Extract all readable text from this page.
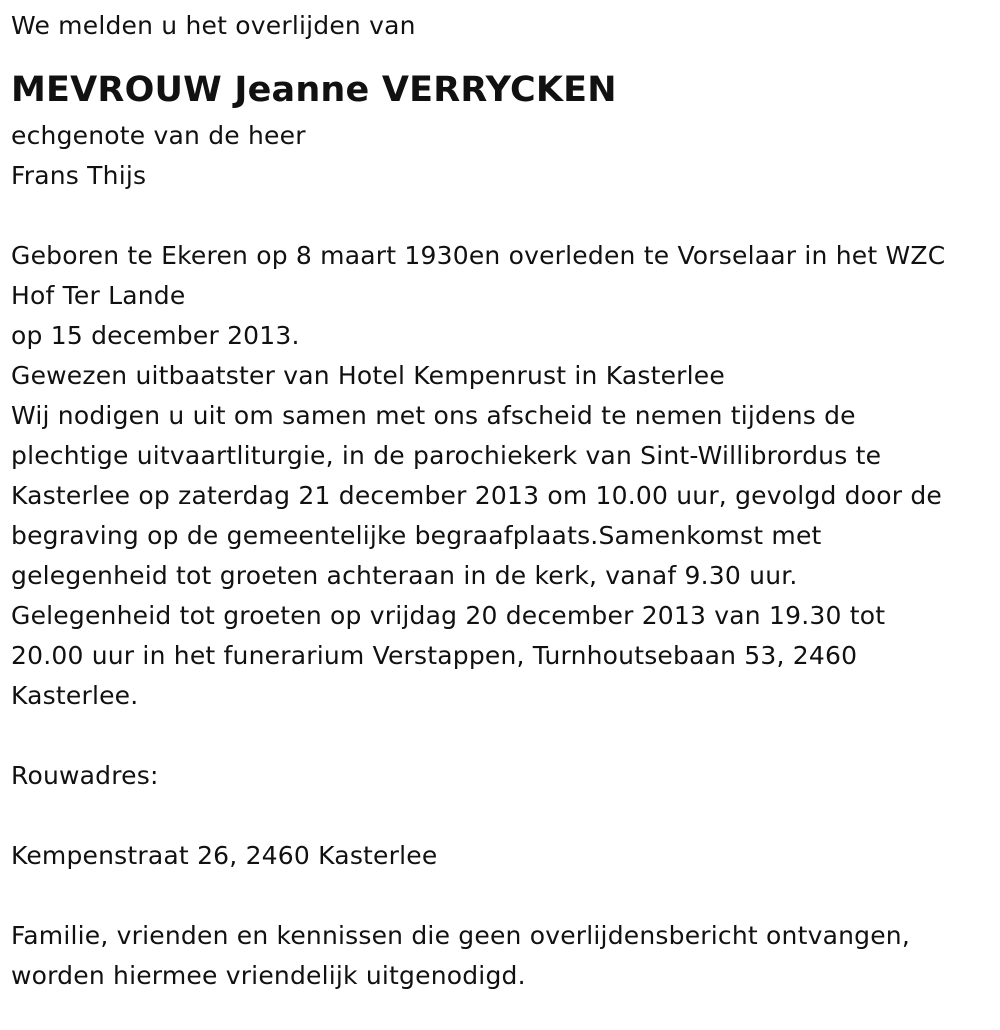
We melden u het overlijden van
MEVROUW Jeanne VERRYCKEN
echgenote van de heer
Frans Thijs
Geboren te Ekeren op 8 maart 1930en overleden te Vorselaar in het WZC
Hof Ter Lande
op 15 december 2013.
Gewezen uitbaatster van Hotel Kempenrust in Kasterlee
Wij nodigen u uit om samen met ons afscheid te nemen tijdens de
plechtige uitvaartliturgie, in de parochiekerk van Sint-Willibrordus te
Kasterlee op zaterdag 21 december 2013 om 10.00 uur, gevolgd door de
begraving op de gemeentelijke begraafplaats.Samenkomst met
gelegenheid tot groeten achteraan in de kerk, vanaf 9.30 uur.
Gelegenheid tot groeten op vrijdag 20 december 2013 van 19.30 tot
20.00 uur in het funerarium Verstappen, Turnhoutsebaan 53, 2460
Kasterlee.
Rouwadres:
Kempenstraat 26, 2460 Kasterlee
Familie, vrienden en kennissen die geen overlijdensbericht ontvangen,
worden hiermee vriendelijk uitgenodigd.
